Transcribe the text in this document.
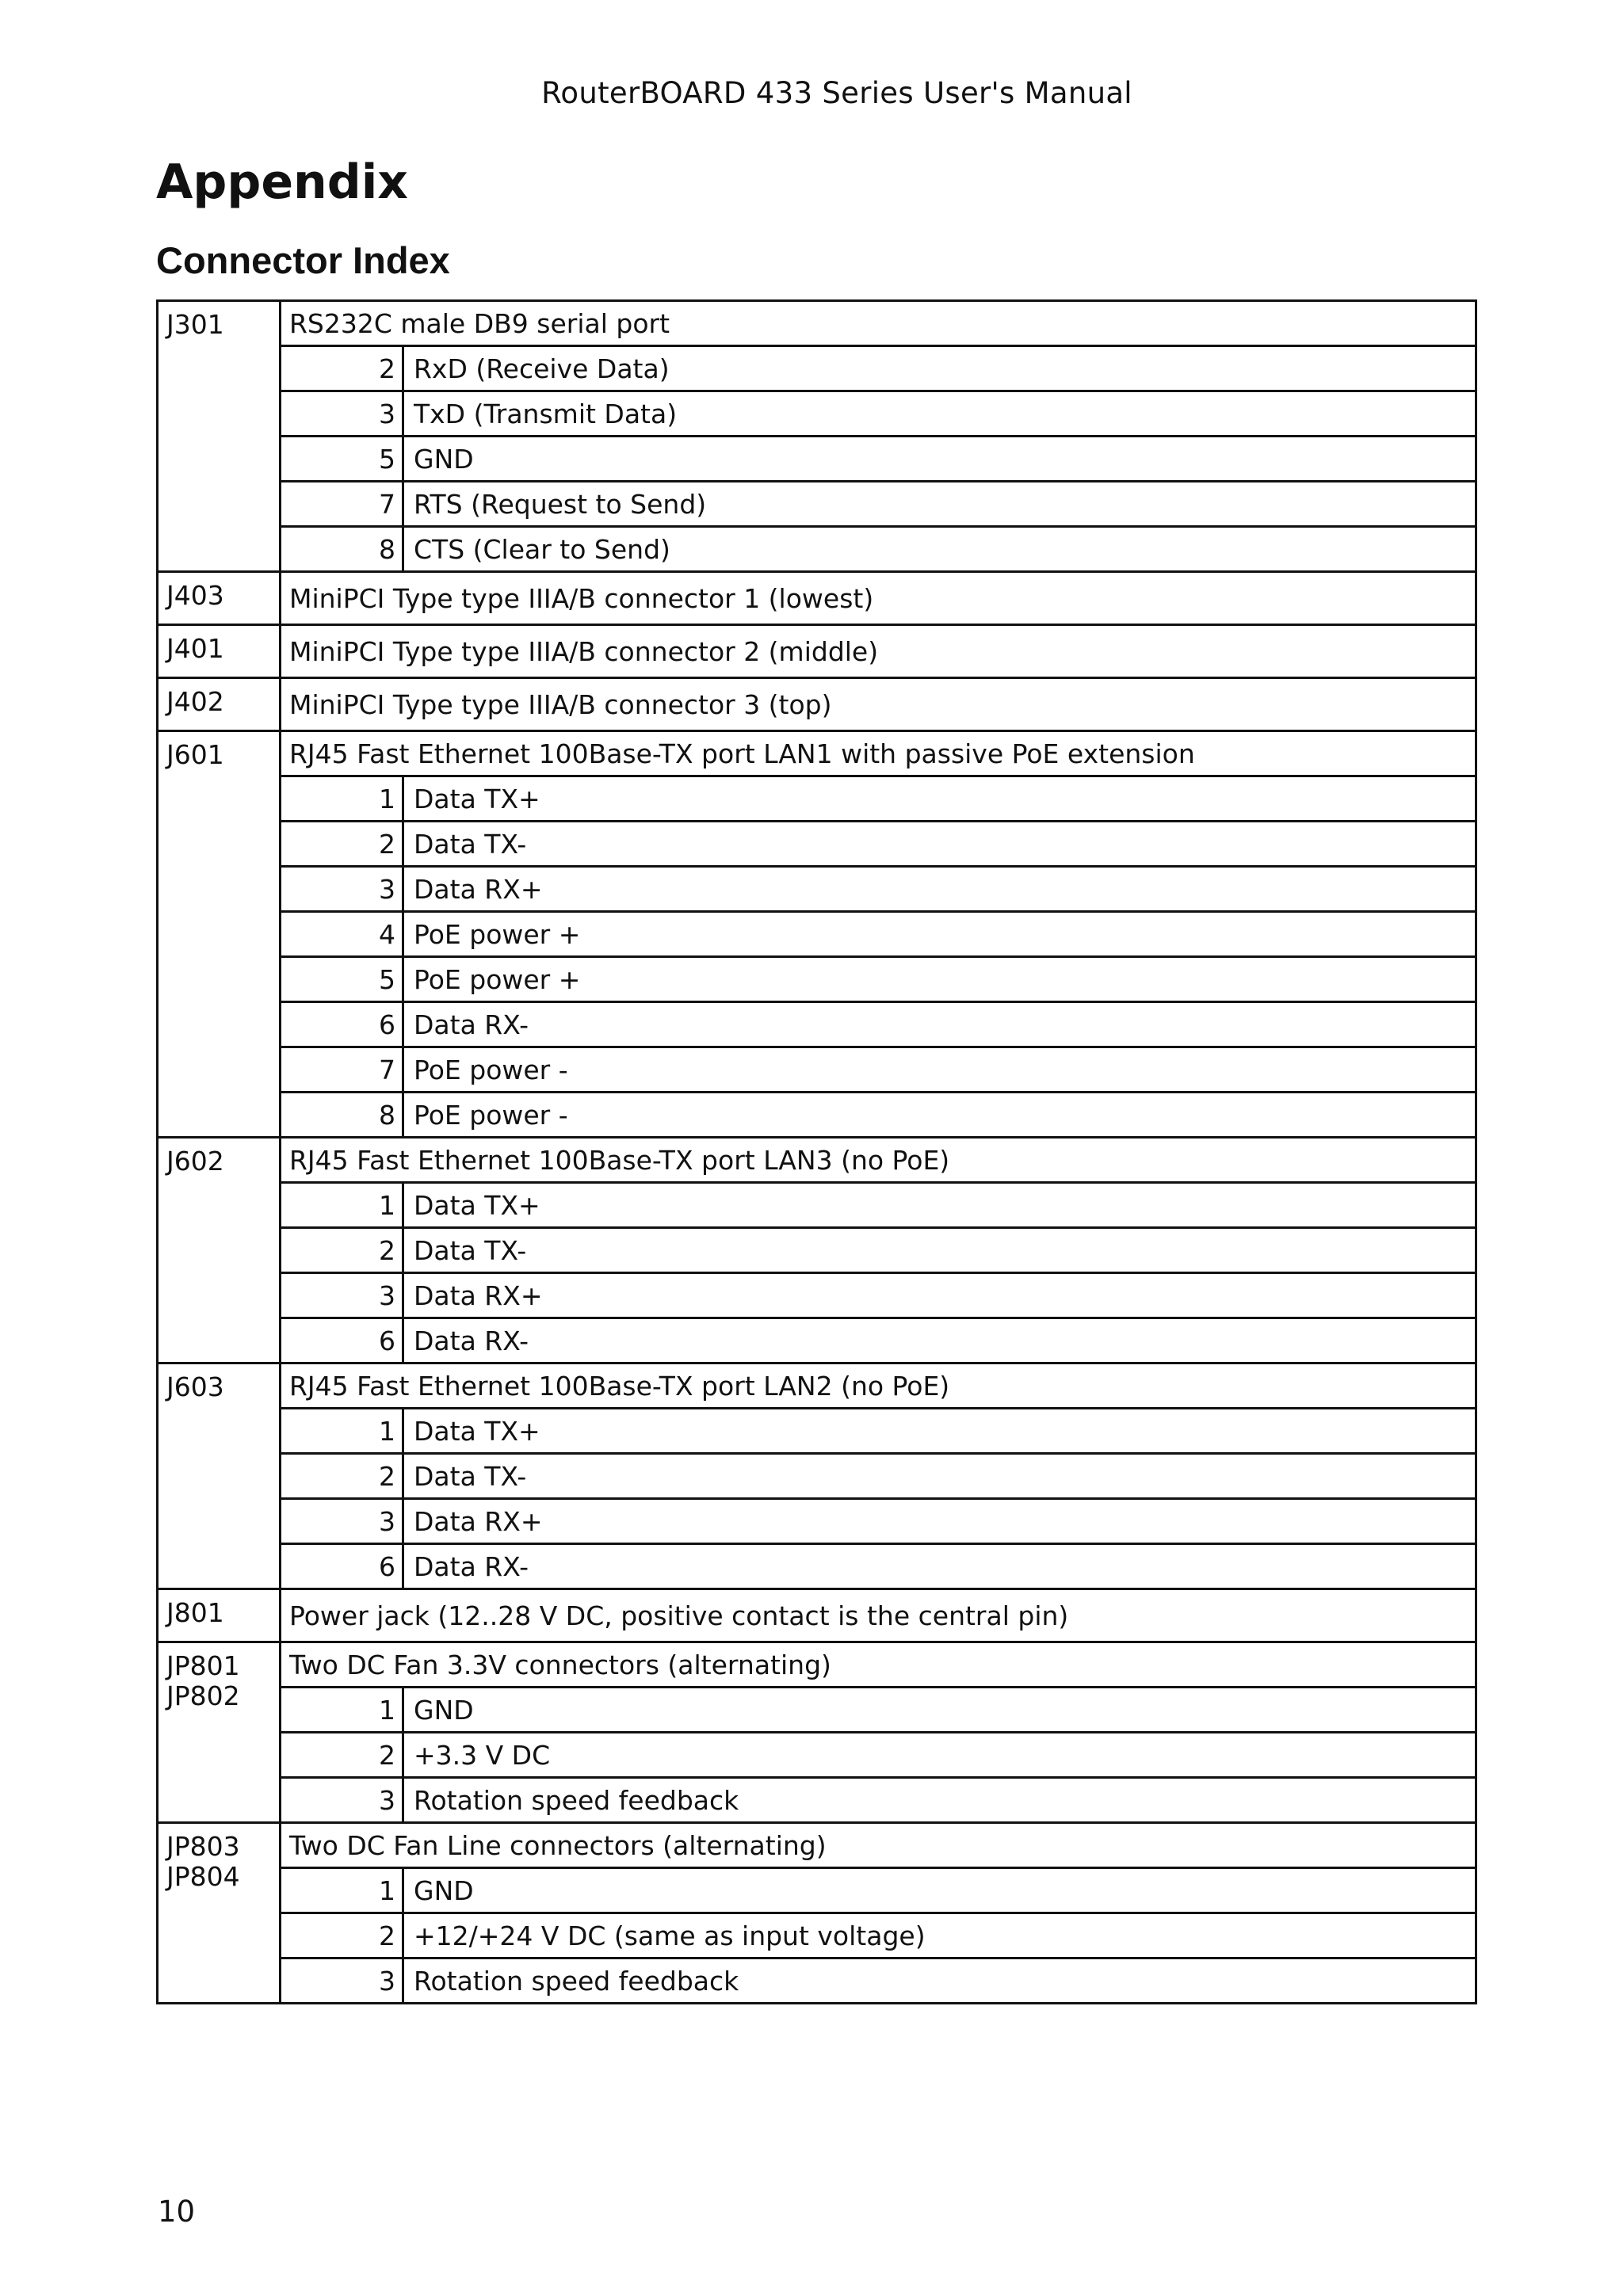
RouterBOARD 433 Series User's Manual
Appendix
Connector Index
J301	RS232C male DB9 serial port	
	2	RxD (Receive Data)
	3	TxD (Transmit Data)
	5	GND
	7	RTS (Request to Send)
	8	CTS (Clear to Send)

J403	MiniPCI Type type IIIA/B connector 1 (lowest)	

J401	MiniPCI Type type IIIA/B connector 2 (middle)	

J402	MiniPCI Type type IIIA/B connector 3 (top)	

J601	RJ45 Fast Ethernet 100Base-TX port LAN1 with passive PoE extension	
	1	Data TX+
	2	Data TX-
	3	Data RX+
	4	PoE power +
	5	PoE power +
	6	Data RX-
	7	PoE power -
	8	PoE power -

J602	RJ45 Fast Ethernet 100Base-TX port LAN3 (no PoE)	
	1	Data TX+
	2	Data TX-
	3	Data RX+
	6	Data RX-

J603	RJ45 Fast Ethernet 100Base-TX port LAN2 (no PoE)	
	1	Data TX+
	2	Data TX-
	3	Data RX+
	6	Data RX-

J801	Power jack (12..28 V DC, positive contact is the central pin)	

JP801
JP802	Two DC Fan 3.3V connectors (alternating)	
	1	GND
	2	+3.3 V DC
	3	Rotation speed feedback

JP803
JP804	Two DC Fan Line connectors (alternating)	
	1	GND
	2	+12/+24 V DC (same as input voltage)
	3	Rotation speed feedback
10
